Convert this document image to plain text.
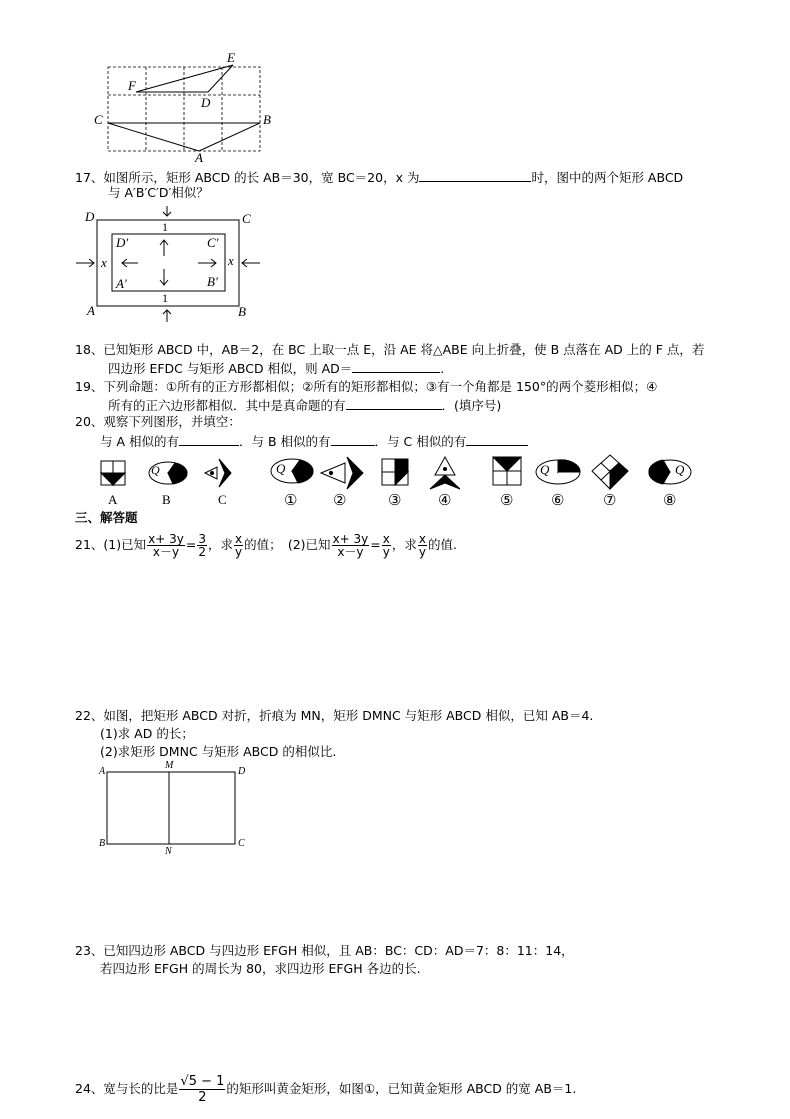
E
F
D
C	B
A
17、如图所示，矩形 ABCD 的长 AB＝30，宽 BC＝20，x 为	时，图中的两个矩形 ABCD
与 A′B′C′D′相似？
D	C
A	B
D′	C′
A′	B′
x	x
1
1
18、已知矩形 ABCD 中，AB＝2，在 BC 上取一点 E，沿 AE 将△ABE 向上折叠，使 B 点落在 AD 上的 F 点，若
四边形 EFDC 与矩形 ABCD 相似，则 AD＝	.
19、下列命题：①所有的正方形都相似；②所有的矩形都相似；③有一个角都是 150°的两个菱形相似；④
所有的正六边形都相似．其中是真命题的有	．(填序号)
20、观察下列图形，并填空：
与 A 相似的有	．与 B 相似的有	．与 C 相似的有
Q	Q	Q	Q
A	B	C	① ②	③ ④	⑤	⑥	⑦	⑧
三、解答题
21、(1)已知 $\frac{x+ 3y}{x-y} = \frac{3}{2}$ ，求 $\frac{x}{y}$ 的值；　(2)已知 $\frac{x+ 3y}{x-y} = \frac{x}{y}$ ，求 $\frac{x}{y}$ 的值.
22、如图，把矩形 ABCD 对折，折痕为 MN，矩形 DMNC 与矩形 ABCD 相似，已知 AB＝4.
(1)求 AD 的长；
(2)求矩形 DMNC 与矩形 ABCD 的相似比.
A
M
D
B
N
C
23、已知四边形 ABCD 与四边形 EFGH 相似，且 AB：BC：CD：AD＝7：8：11：14，
若四边形 EFGH 的周长为 80，求四边形 EFGH 各边的长.
24、宽与长的比是 $\frac{√5 - 1}{2}$ 的矩形叫黄金矩形，如图①，已知黄金矩形 ABCD 的宽 AB＝1.
